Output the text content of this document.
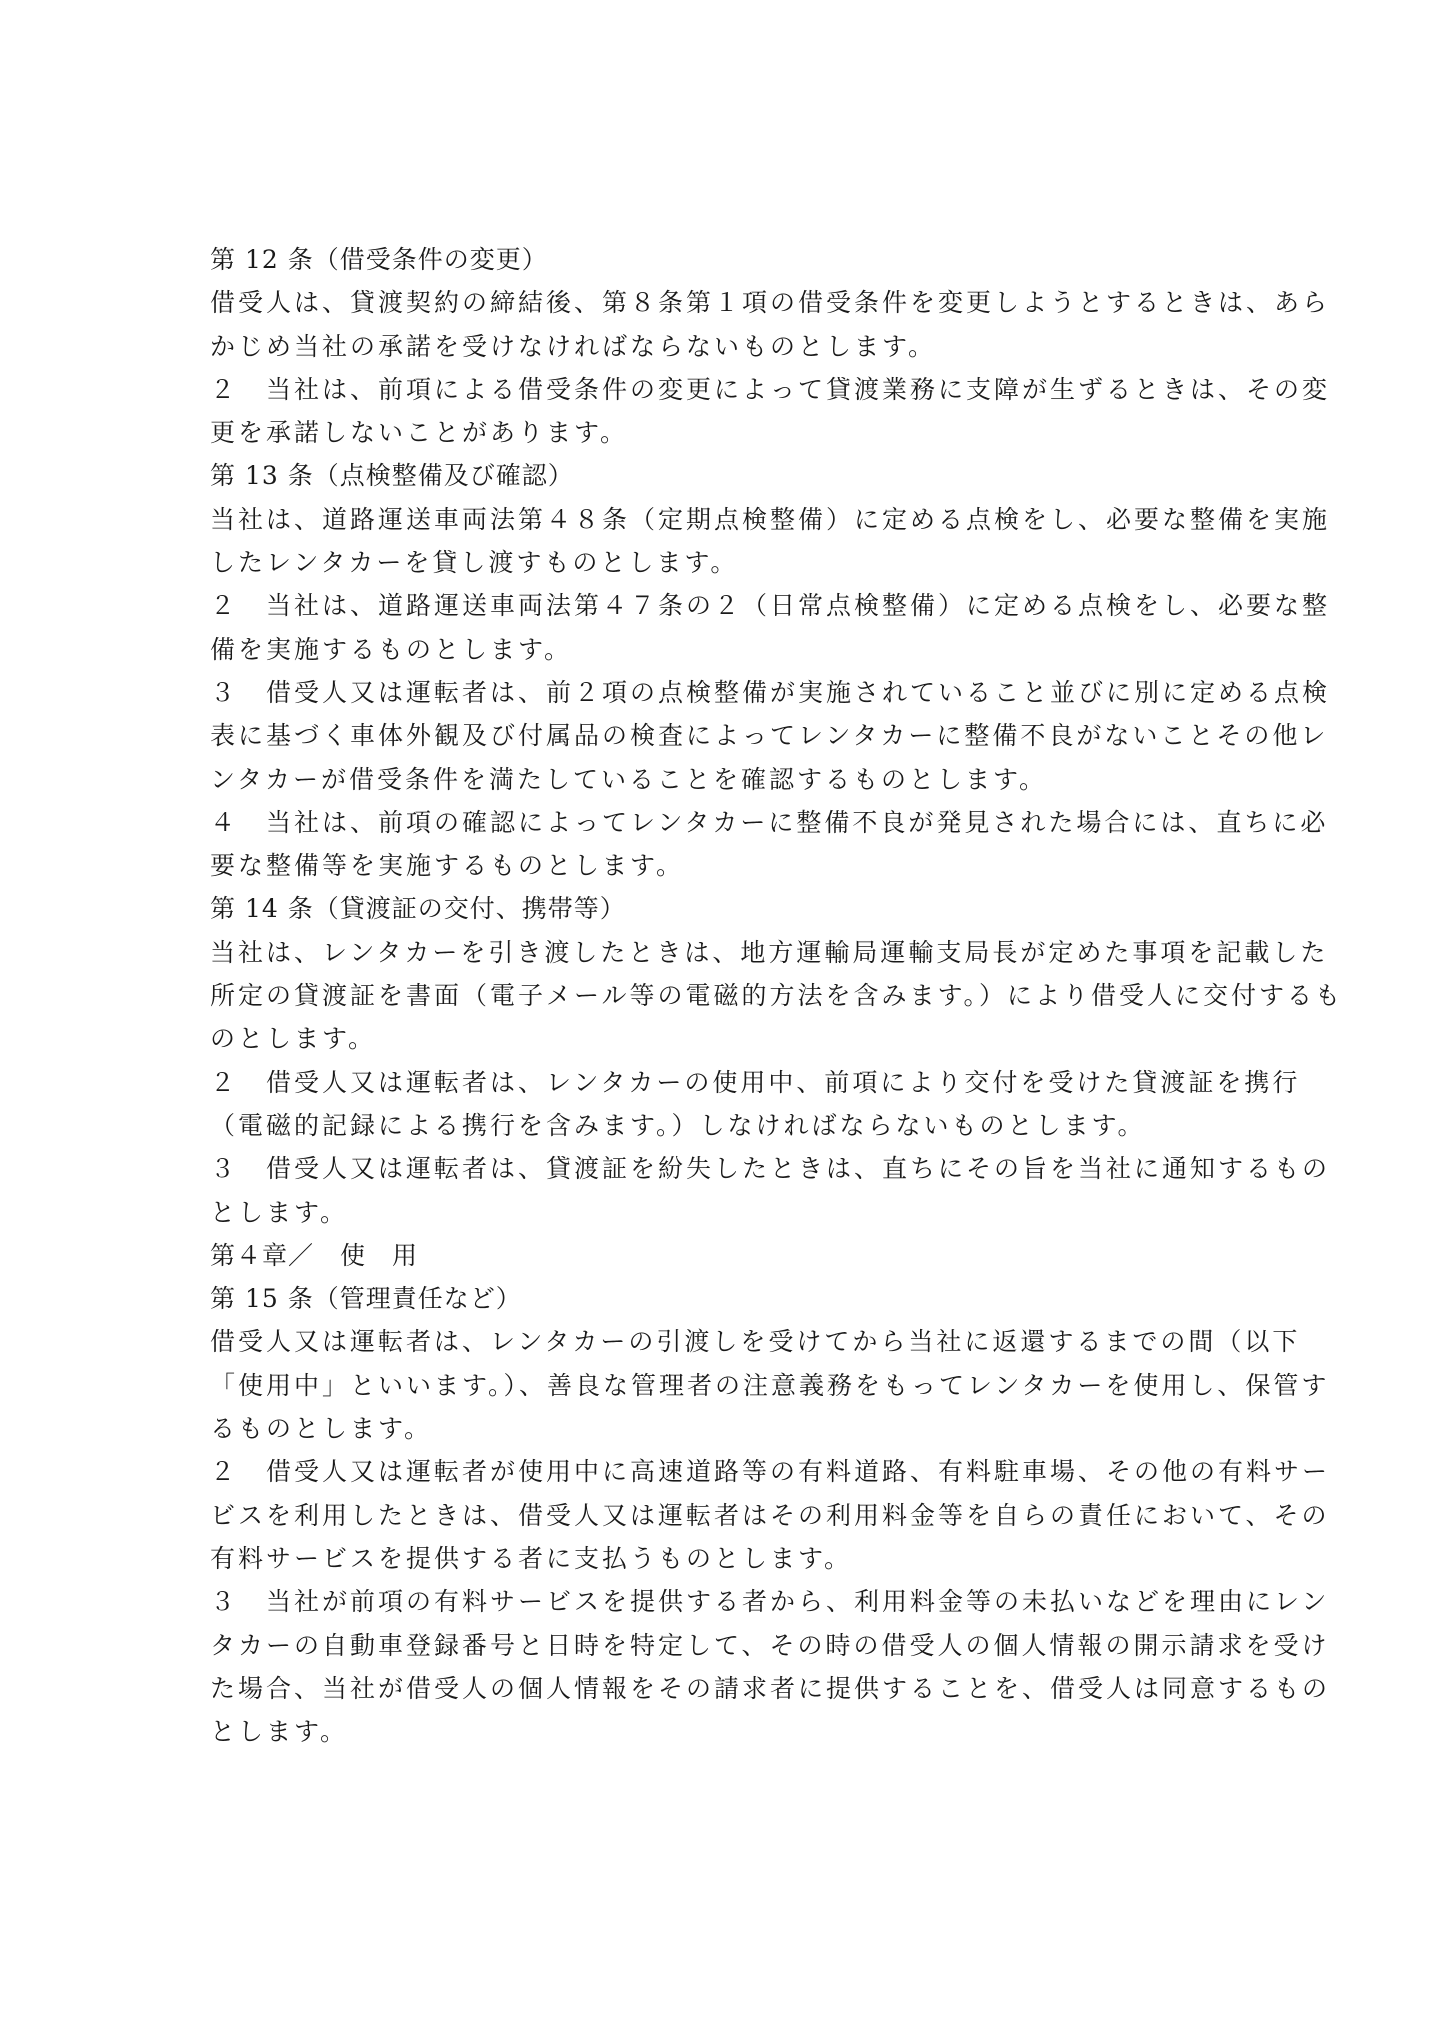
第 12 条（借受条件の変更）
借受人は、貸渡契約の締結後、第８条第１項の借受条件を変更しようとするときは、あら
かじめ当社の承諾を受けなければならないものとします。
２　当社は、前項による借受条件の変更によって貸渡業務に支障が生ずるときは、その変
更を承諾しないことがあります。
第 13 条（点検整備及び確認）
当社は、道路運送車両法第４８条（定期点検整備）に定める点検をし、必要な整備を実施
したレンタカーを貸し渡すものとします。
２　当社は、道路運送車両法第４７条の２（日常点検整備）に定める点検をし、必要な整
備を実施するものとします。
３　借受人又は運転者は、前２項の点検整備が実施されていること並びに別に定める点検
表に基づく車体外観及び付属品の検査によってレンタカーに整備不良がないことその他レ
ンタカーが借受条件を満たしていることを確認するものとします。
４　当社は、前項の確認によってレンタカーに整備不良が発見された場合には、直ちに必
要な整備等を実施するものとします。
第 14 条（貸渡証の交付、携帯等）
当社は、レンタカーを引き渡したときは、地方運輸局運輸支局長が定めた事項を記載した
所定の貸渡証を書面（電子メール等の電磁的方法を含みます。）により借受人に交付するも
のとします。
２　借受人又は運転者は、レンタカーの使用中、前項により交付を受けた貸渡証を携行
（電磁的記録による携行を含みます。）しなければならないものとします。
３　借受人又は運転者は、貸渡証を紛失したときは、直ちにその旨を当社に通知するもの
とします。
第４章／　使　用
第 15 条（管理責任など）
借受人又は運転者は、レンタカーの引渡しを受けてから当社に返還するまでの間（以下
「使用中」といいます。）、善良な管理者の注意義務をもってレンタカーを使用し、保管す
るものとします。
２　借受人又は運転者が使用中に高速道路等の有料道路、有料駐車場、その他の有料サー
ビスを利用したときは、借受人又は運転者はその利用料金等を自らの責任において、その
有料サービスを提供する者に支払うものとします。
３　当社が前項の有料サービスを提供する者から、利用料金等の未払いなどを理由にレン
タカーの自動車登録番号と日時を特定して、その時の借受人の個人情報の開示請求を受け
た場合、当社が借受人の個人情報をその請求者に提供することを、借受人は同意するもの
とします。
